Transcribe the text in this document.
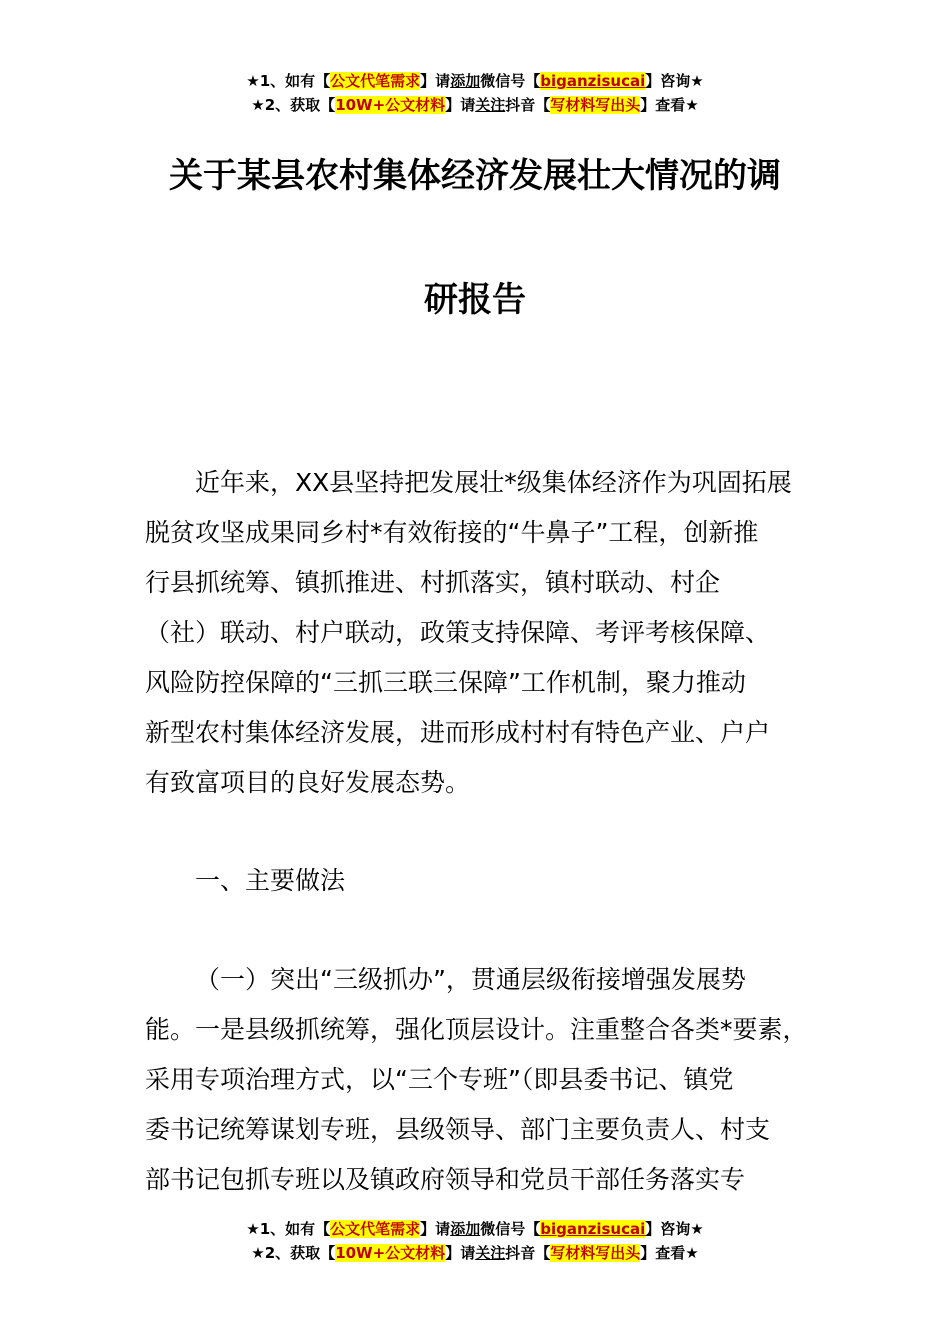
★1、如有【公文代笔需求】请添加微信号【biganzisucai】咨询★
★2、获取【10W+公文材料】请关注抖音【写材料写出头】查看★
关于某县农村集体经济发展壮大情况的调
研报告
近年来，XX县坚持把发展壮*级集体经济作为巩固拓展
脱贫攻坚成果同乡村*有效衔接的“牛鼻子”工程，创新推
行县抓统筹、镇抓推进、村抓落实，镇村联动、村企
（社）联动、村户联动，政策支持保障、考评考核保障、
风险防控保障的“三抓三联三保障”工作机制，聚力推动
新型农村集体经济发展，进而形成村村有特色产业、户户
有致富项目的良好发展态势。
一、主要做法
（一）突出“三级抓办”，贯通层级衔接增强发展势
能。一是县级抓统筹，强化顶层设计。注重整合各类*要素，
采用专项治理方式，以“三个专班”（即县委书记、镇党
委书记统筹谋划专班，县级领导、部门主要负责人、村支
部书记包抓专班以及镇政府领导和党员干部任务落实专
★1、如有【公文代笔需求】请添加微信号【biganzisucai】咨询★
★2、获取【10W+公文材料】请关注抖音【写材料写出头】查看★
